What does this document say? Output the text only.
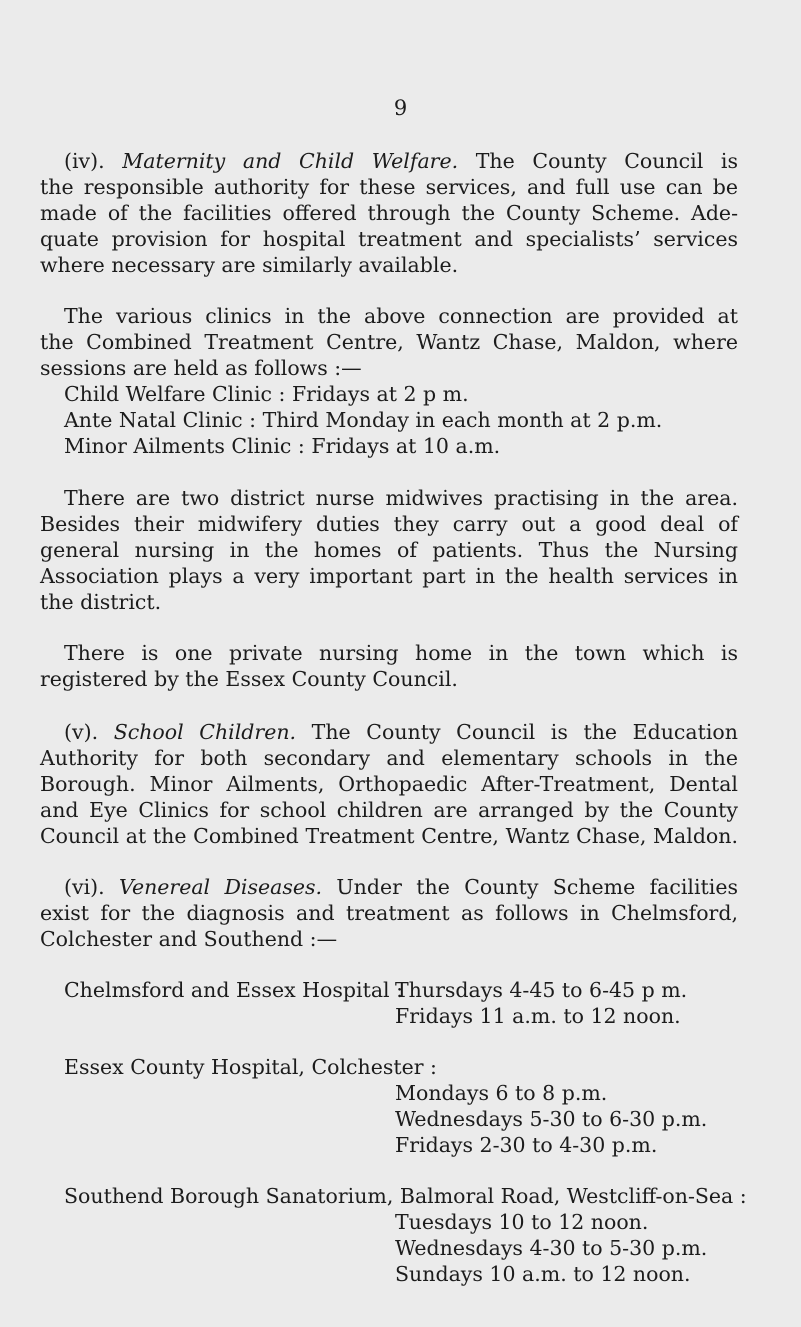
9
(iv). Maternity and Child Welfare. The County Council is
the responsible authority for these services, and full use can be
made of the facilities offered through the County Scheme. Ade-
quate provision for hospital treatment and specialists’ services
where necessary are similarly available.
The various clinics in the above connection are provided at
the Combined Treatment Centre, Wantz Chase, Maldon, where
sessions are held as follows :—
Child Welfare Clinic : Fridays at 2 p m.
Ante Natal Clinic : Third Monday in each month at 2 p.m.
Minor Ailments Clinic : Fridays at 10 a.m.
There are two district nurse midwives practising in the area.
Besides their midwifery duties they carry out a good deal of
general nursing in the homes of patients. Thus the Nursing
Association plays a very important part in the health services in
the district.
There is one private nursing home in the town which is
registered by the Essex County Council.
(v). School Children. The County Council is the Education
Authority for both secondary and elementary schools in the
Borough. Minor Ailments, Orthopaedic After-Treatment, Dental
and Eye Clinics for school children are arranged by the County
Council at the Combined Treatment Centre, Wantz Chase, Maldon.
(vi). Venereal Diseases. Under the County Scheme facilities
exist for the diagnosis and treatment as follows in Chelmsford,
Colchester and Southend :—
Chelmsford and Essex Hospital :
Thursdays 4-45 to 6-45 p m.
Fridays 11 a.m. to 12 noon.
Essex County Hospital, Colchester :
Mondays 6 to 8 p.m.
Wednesdays 5-30 to 6-30 p.m.
Fridays 2-30 to 4-30 p.m.
Southend Borough Sanatorium, Balmoral Road, Westcliff-on-Sea :
Tuesdays 10 to 12 noon.
Wednesdays 4-30 to 5-30 p.m.
Sundays 10 a.m. to 12 noon.
